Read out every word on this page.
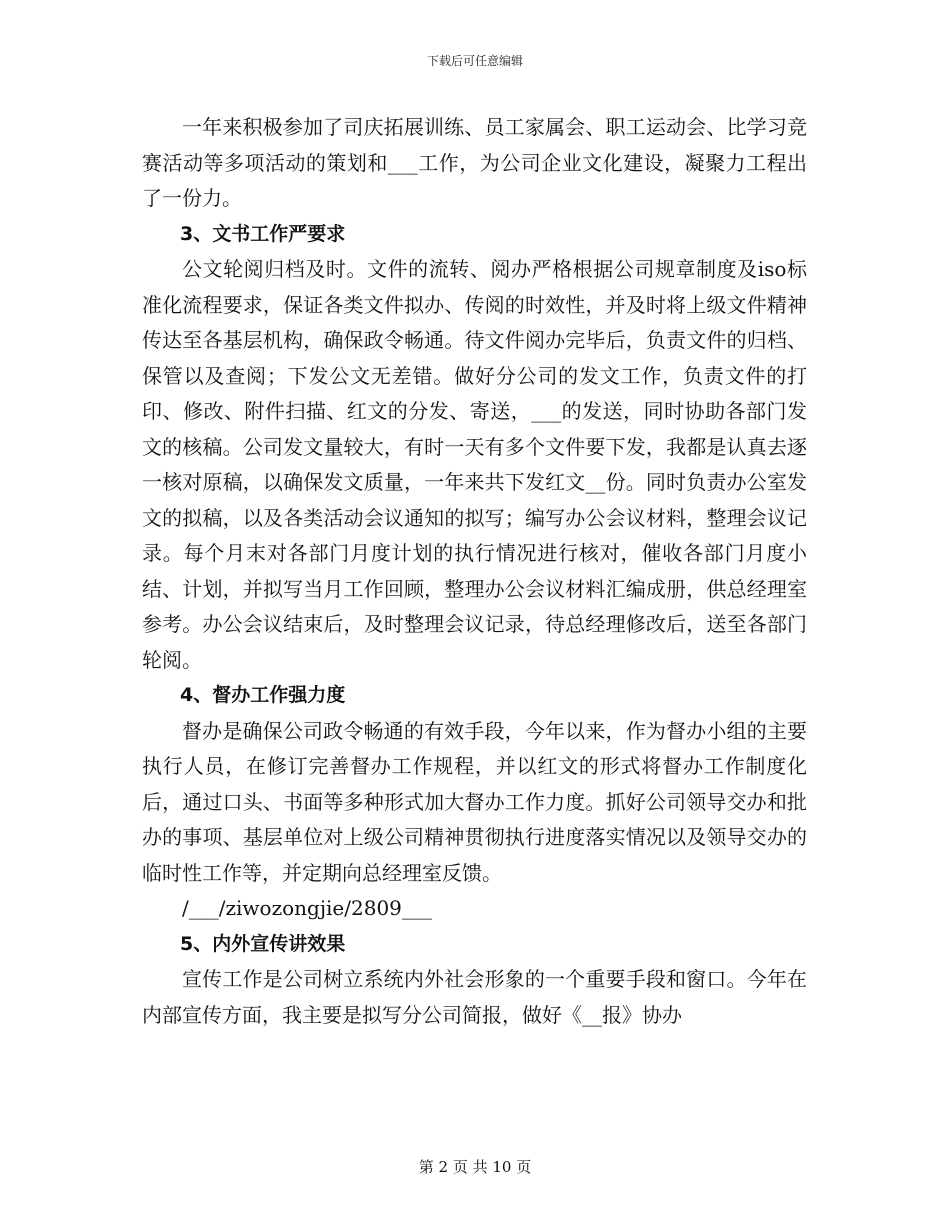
下载后可任意编辑

一年来积极参加了司庆拓展训练、员工家属会、职工运动会、比学习竞赛活动等多项活动的策划和___工作，为公司企业文化建设，凝聚力工程出了一份力。

3、文书工作严要求

公文轮阅归档及时。文件的流转、阅办严格根据公司规章制度及iso标准化流程要求，保证各类文件拟办、传阅的时效性，并及时将上级文件精神传达至各基层机构，确保政令畅通。待文件阅办完毕后，负责文件的归档、保管以及查阅；下发公文无差错。做好分公司的发文工作，负责文件的打印、修改、附件扫描、红文的分发、寄送，___的发送，同时协助各部门发文的核稿。公司发文量较大，有时一天有多个文件要下发，我都是认真去逐一核对原稿，以确保发文质量，一年来共下发红文__份。同时负责办公室发文的拟稿，以及各类活动会议通知的拟写；编写办公会议材料，整理会议记录。每个月末对各部门月度计划的执行情况进行核对，催收各部门月度小结、计划，并拟写当月工作回顾，整理办公会议材料汇编成册，供总经理室参考。办公会议结束后，及时整理会议记录，待总经理修改后，送至各部门轮阅。

4、督办工作强力度

督办是确保公司政令畅通的有效手段，今年以来，作为督办小组的主要执行人员，在修订完善督办工作规程，并以红文的形式将督办工作制度化后，通过口头、书面等多种形式加大督办工作力度。抓好公司领导交办和批办的事项、基层单位对上级公司精神贯彻执行进度落实情况以及领导交办的临时性工作等，并定期向总经理室反馈。

/___/ziwozongjie/2809___

5、内外宣传讲效果

宣传工作是公司树立系统内外社会形象的一个重要手段和窗口。今年在内部宣传方面，我主要是拟写分公司简报，做好《__报》协办

第 2 页 共 10 页
